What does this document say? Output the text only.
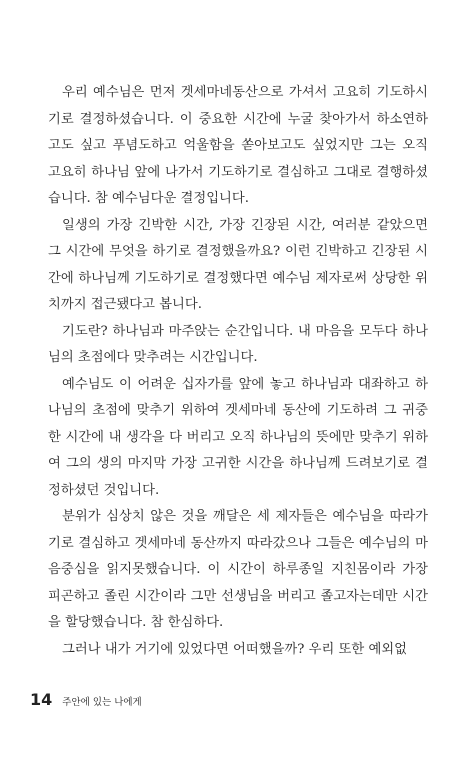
우리 예수님은 먼저 겟세마네동산으로 가셔서 고요히 기도하시기로 결정하셨습니다. 이 중요한 시간에 누굴 찾아가서 하소연하고도 싶고 푸념도하고 억울함을 쏟아보고도 싶었지만 그는 오직 고요히 하나님 앞에 나가서 기도하기로 결심하고 그대로 결행하셨습니다. 참 예수님다운 결정입니다.

일생의 가장 긴박한 시간, 가장 긴장된 시간, 여러분 같았으면 그 시간에 무엇을 하기로 결정했을까요? 이런 긴박하고 긴장된 시간에 하나님께 기도하기로 결정했다면 예수님 제자로써 상당한 위치까지 접근됐다고 봅니다.

기도란? 하나님과 마주앉는 순간입니다. 내 마음을 모두다 하나님의 초점에다 맞추려는 시간입니다.

예수님도 이 어려운 십자가를 앞에 놓고 하나님과 대좌하고 하나님의 초점에 맞추기 위하여 겟세마네 동산에 기도하려 그 귀중한 시간에 내 생각을 다 버리고 오직 하나님의 뜻에만 맞추기 위하여 그의 생의 마지막 가장 고귀한 시간을 하나님께 드려보기로 결정하셨던 것입니다.

분위가 심상치 않은 것을 깨달은 세 제자들은 예수님을 따라가기로 결심하고 겟세마네 동산까지 따라갔으나 그들은 예수님의 마음중심을 읽지못했습니다. 이 시간이 하루종일 지친몸이라 가장 피곤하고 졸린 시간이라 그만 선생님을 버리고 졸고자는데만 시간을 할당했습니다. 참 한심하다.

그러나 내가 거기에 있었다면 어떠했을까? 우리 또한 예외없

14 주안에 있는 나에게
